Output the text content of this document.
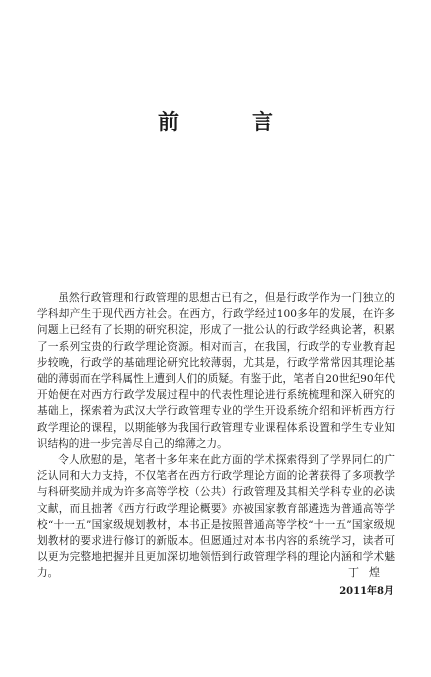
前　言

虽然行政管理和行政管理的思想古已有之，但是行政学作为一门独立的学科却产生于现代西方社会。在西方，行政学经过100多年的发展，在许多问题上已经有了长期的研究积淀，形成了一批公认的行政学经典论著，积累了一系列宝贵的行政学理论资源。相对而言，在我国，行政学的专业教育起步较晚，行政学的基础理论研究比较薄弱，尤其是，行政学常常因其理论基础的薄弱而在学科属性上遭到人们的质疑。有鉴于此，笔者自20世纪90年代开始便在对西方行政学发展过程中的代表性理论进行系统梳理和深入研究的基础上，探索着为武汉大学行政管理专业的学生开设系统介绍和评析西方行政学理论的课程，以期能够为我国行政管理专业课程体系设置和学生专业知识结构的进一步完善尽自己的绵薄之力。

令人欣慰的是，笔者十多年来在此方面的学术探索得到了学界同仁的广泛认同和大力支持，不仅笔者在西方行政学理论方面的论著获得了多项教学与科研奖励并成为许多高等学校（公共）行政管理及其相关学科专业的必读文献，而且拙著《西方行政学理论概要》亦被国家教育部遴选为普通高等学校“十一五”国家级规划教材，本书正是按照普通高等学校“十一五”国家级规划教材的要求进行修订的新版本。但愿通过对本书内容的系统学习，读者可以更为完整地把握并且更加深切地领悟到行政管理学科的理论内涵和学术魅力。	丁煌
2011年8月
